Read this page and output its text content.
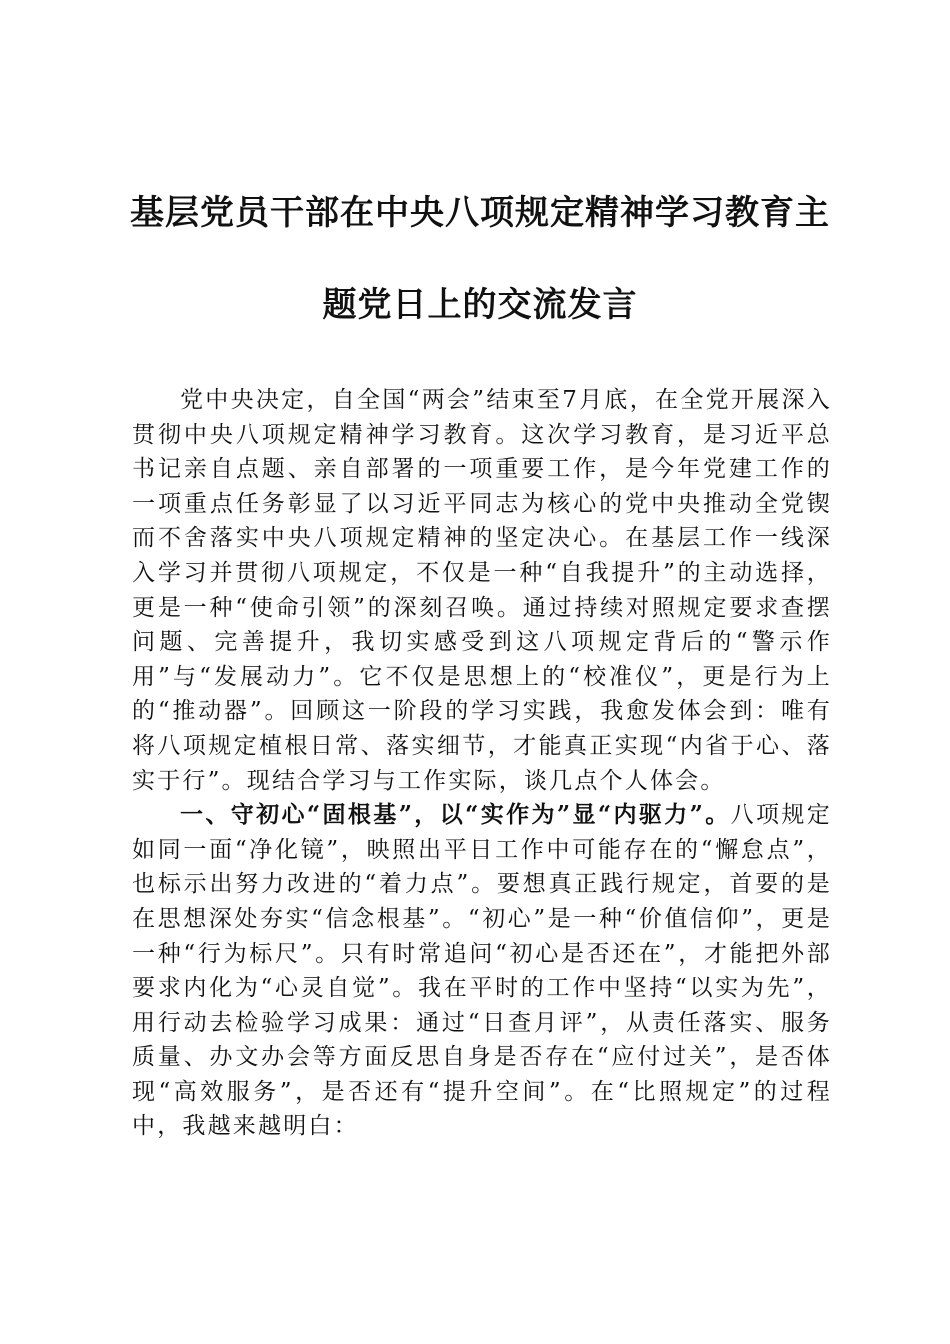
基层党员干部在中央八项规定精神学习教育主
题党日上的交流发言

党中央决定，自全国“两会”结束至7月底，在全党开展深入贯彻中央八项规定精神学习教育。这次学习教育，是习近平总书记亲自点题、亲自部署的一项重要工作，是今年党建工作的一项重点任务彰显了以习近平同志为核心的党中央推动全党锲而不舍落实中央八项规定精神的坚定决心。在基层工作一线深入学习并贯彻八项规定，不仅是一种“自我提升”的主动选择，更是一种“使命引领”的深刻召唤。通过持续对照规定要求查摆问题、完善提升，我切实感受到这八项规定背后的“警示作用”与“发展动力”。它不仅是思想上的“校准仪”，更是行为上的“推动器”。回顾这一阶段的学习实践，我愈发体会到：唯有将八项规定植根日常、落实细节，才能真正实现“内省于心、落实于行”。现结合学习与工作实际，谈几点个人体会。

一、守初心“固根基”，以“实作为”显“内驱力”。八项规定如同一面“净化镜”，映照出平日工作中可能存在的“懈怠点”，也标示出努力改进的“着力点”。要想真正践行规定，首要的是在思想深处夯实“信念根基”。“初心”是一种“价值信仰”，更是一种“行为标尺”。只有时常追问“初心是否还在”，才能把外部要求内化为“心灵自觉”。我在平时的工作中坚持“以实为先”，用行动去检验学习成果：通过“日查月评”，从责任落实、服务质量、办文办会等方面反思自身是否存在“应付过关”，是否体现“高效服务”，是否还有“提升空间”。在“比照规定”的过程中，我越来越明白：
